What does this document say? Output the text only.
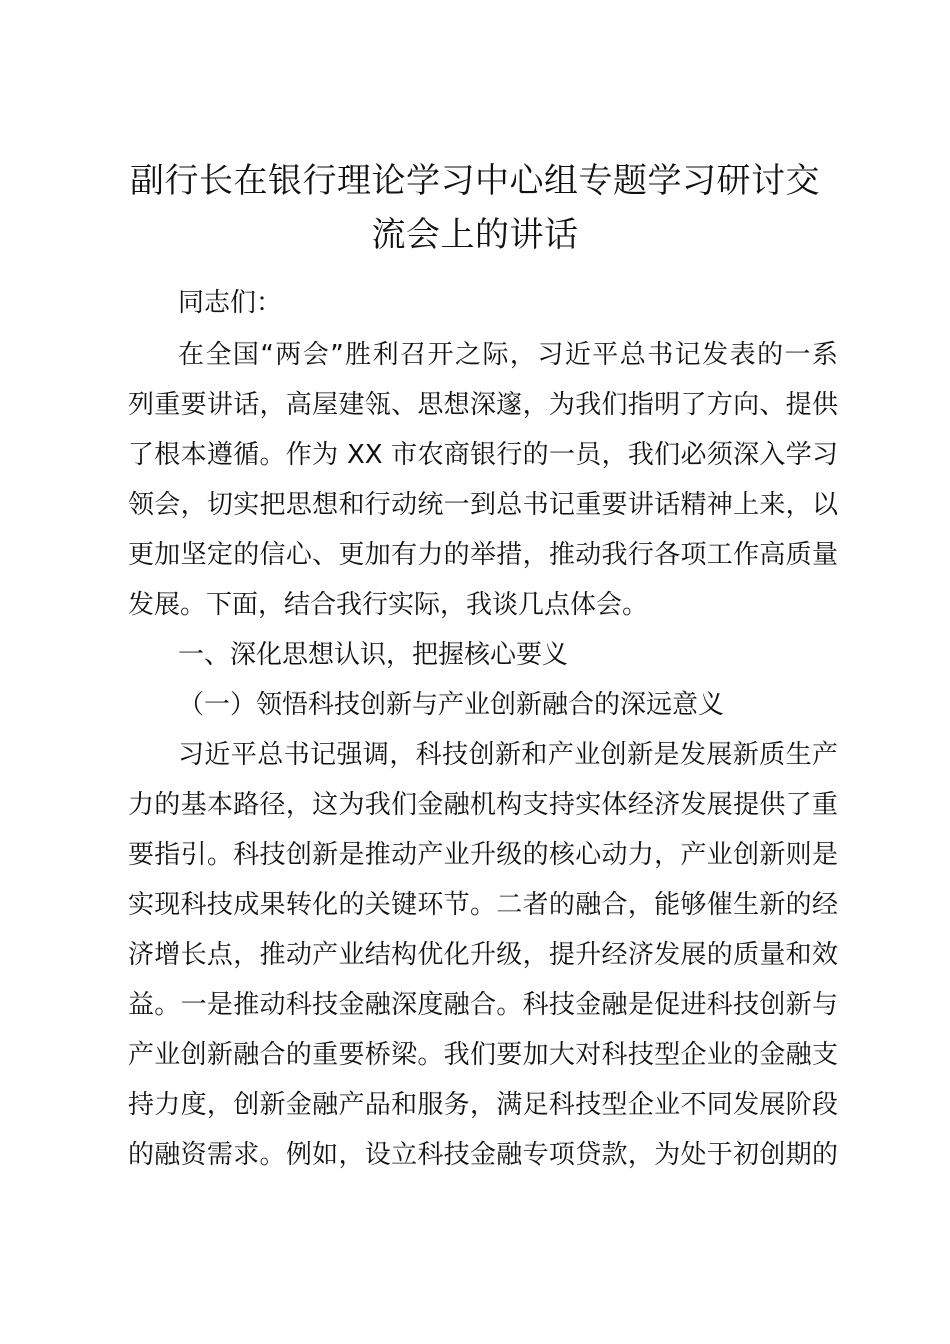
副行长在银行理论学习中心组专题学习研讨交
流会上的讲话
同志们：
在全国“两会”胜利召开之际，习近平总书记发表的一系
列重要讲话，高屋建瓴、思想深邃，为我们指明了方向、提供
了根本遵循。作为 XX 市农商银行的一员，我们必须深入学习
领会，切实把思想和行动统一到总书记重要讲话精神上来，以
更加坚定的信心、更加有力的举措，推动我行各项工作高质量
发展。下面，结合我行实际，我谈几点体会。
一、深化思想认识，把握核心要义
（一）领悟科技创新与产业创新融合的深远意义
习近平总书记强调，科技创新和产业创新是发展新质生产
力的基本路径，这为我们金融机构支持实体经济发展提供了重
要指引。科技创新是推动产业升级的核心动力，产业创新则是
实现科技成果转化的关键环节。二者的融合，能够催生新的经
济增长点，推动产业结构优化升级，提升经济发展的质量和效
益。一是推动科技金融深度融合。科技金融是促进科技创新与
产业创新融合的重要桥梁。我们要加大对科技型企业的金融支
持力度，创新金融产品和服务，满足科技型企业不同发展阶段
的融资需求。例如，设立科技金融专项贷款，为处于初创期的
